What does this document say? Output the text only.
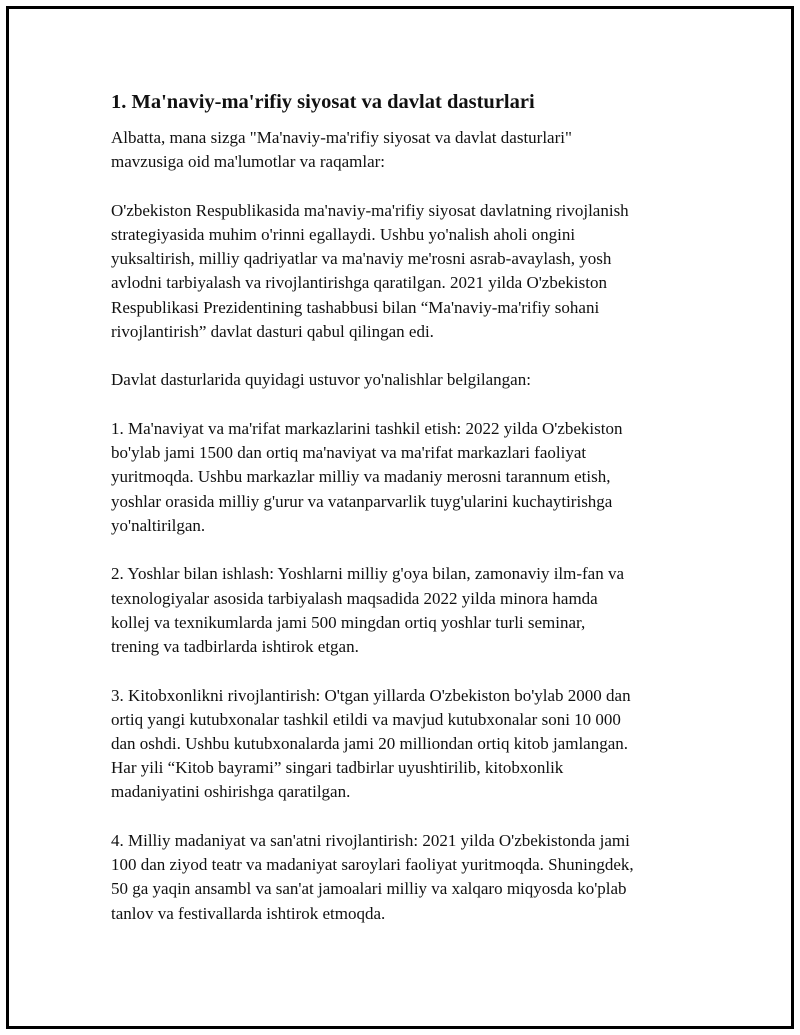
1. Ma'naviy-ma'rifiy siyosat va davlat dasturlari

Albatta, mana sizga "Ma'naviy-ma'rifiy siyosat va davlat dasturlari"
mavzusiga oid ma'lumotlar va raqamlar:

O'zbekiston Respublikasida ma'naviy-ma'rifiy siyosat davlatning rivojlanish
strategiyasida muhim o'rinni egallaydi. Ushbu yo'nalish aholi ongini
yuksaltirish, milliy qadriyatlar va ma'naviy me'rosni asrab-avaylash, yosh
avlodni tarbiyalash va rivojlantirishga qaratilgan. 2021 yilda O'zbekiston
Respublikasi Prezidentining tashabbusi bilan “Ma'naviy-ma'rifiy sohani
rivojlantirish” davlat dasturi qabul qilingan edi.

Davlat dasturlarida quyidagi ustuvor yo'nalishlar belgilangan:

1. Ma'naviyat va ma'rifat markazlarini tashkil etish: 2022 yilda O'zbekiston
bo'ylab jami 1500 dan ortiq ma'naviyat va ma'rifat markazlari faoliyat
yuritmoqda. Ushbu markazlar milliy va madaniy merosni tarannum etish,
yoshlar orasida milliy g'urur va vatanparvarlik tuyg'ularini kuchaytirishga
yo'naltirilgan.

2. Yoshlar bilan ishlash: Yoshlarni milliy g'oya bilan, zamonaviy ilm-fan va
texnologiyalar asosida tarbiyalash maqsadida 2022 yilda minora hamda
kollej va texnikumlarda jami 500 mingdan ortiq yoshlar turli seminar,
trening va tadbirlarda ishtirok etgan.

3. Kitobxonlikni rivojlantirish: O'tgan yillarda O'zbekiston bo'ylab 2000 dan
ortiq yangi kutubxonalar tashkil etildi va mavjud kutubxonalar soni 10 000
dan oshdi. Ushbu kutubxonalarda jami 20 milliondan ortiq kitob jamlangan.
Har yili “Kitob bayrami” singari tadbirlar uyushtirilib, kitobxonlik
madaniyatini oshirishga qaratilgan.

4. Milliy madaniyat va san'atni rivojlantirish: 2021 yilda O'zbekistonda jami
100 dan ziyod teatr va madaniyat saroylari faoliyat yuritmoqda. Shuningdek,
50 ga yaqin ansambl va san'at jamoalari milliy va xalqaro miqyosda ko'plab
tanlov va festivallarda ishtirok etmoqda.
